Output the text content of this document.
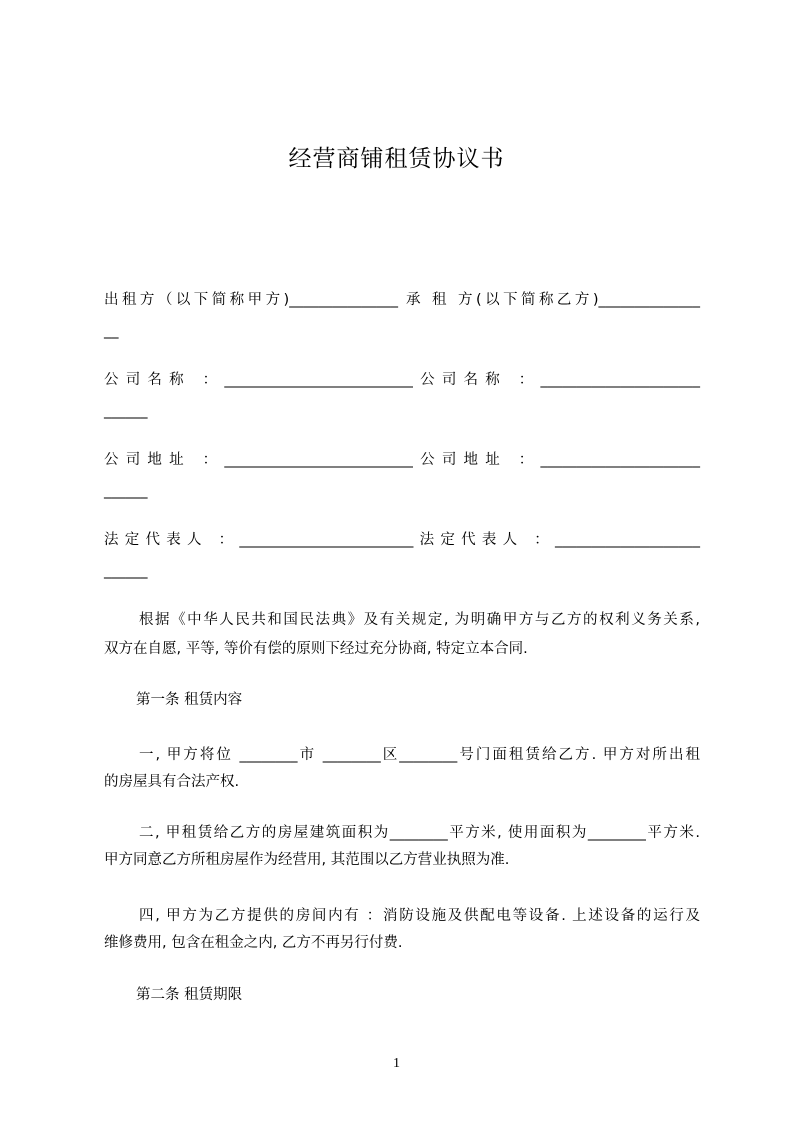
经营商铺租赁协议书
出租方（以下简称甲方)_______________ 承 租 方(以下简称乙方)______________
__
公司名称 ：__________________________公司名称 ：______________________
______
公司地址 ：__________________________公司地址 ：______________________
______
法定代表人 ：________________________法定代表人 ：____________________
______
根据《中华人民共和国民法典》及有关规定, 为明确甲方与乙方的权利义务关系,
双方在自愿, 平等, 等价有偿的原则下经过充分协商, 特定立本合同.
第一条 租赁内容
一, 甲方将位 ________市 ________区________号门面租赁给乙方. 甲方对所出租
的房屋具有合法产权.
二, 甲租赁给乙方的房屋建筑面积为________平方米, 使用面积为________平方米.
甲方同意乙方所租房屋作为经营用, 其范围以乙方营业执照为准.
四, 甲方为乙方提供的房间内有 ：消防设施及供配电等设备. 上述设备的运行及
维修费用, 包含在租金之内, 乙方不再另行付费.
第二条 租赁期限
1
